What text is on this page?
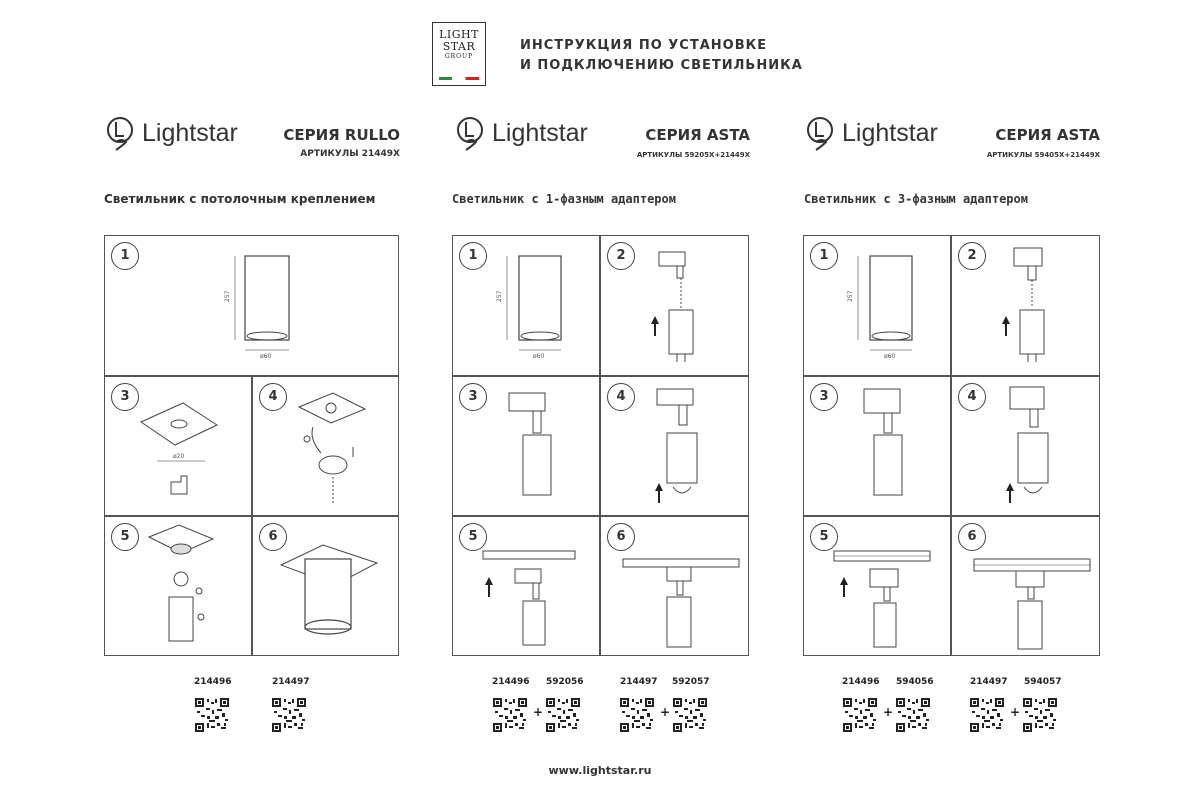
LIGHT
STAR
GROUP
ИНСТРУКЦИЯ ПО УСТАНОВКЕ
И ПОДКЛЮЧЕНИЮ СВЕТИЛЬНИКА
Lightstar	Lightstar	Lightstar
СЕРИЯ RULLO
АРТИКУЛЫ 21449X
СЕРИЯ ASTA
АРТИКУЛЫ 59205X+21449X
СЕРИЯ ASTA
АРТИКУЛЫ 59405X+21449X
Светильник с потолочным креплением	Светильник с 1-фазным адаптером	Светильник с 3-фазным адаптером
1
257
ø60
3
ø20
4
5	6
1
257
ø60
2
3	4
5	6
1
257
ø60
2
3	4
5	6
214496	214497	214496 592056	214497 592057
+	+
214496 594056	214497 594057
+	+
www.lightstar.ru
